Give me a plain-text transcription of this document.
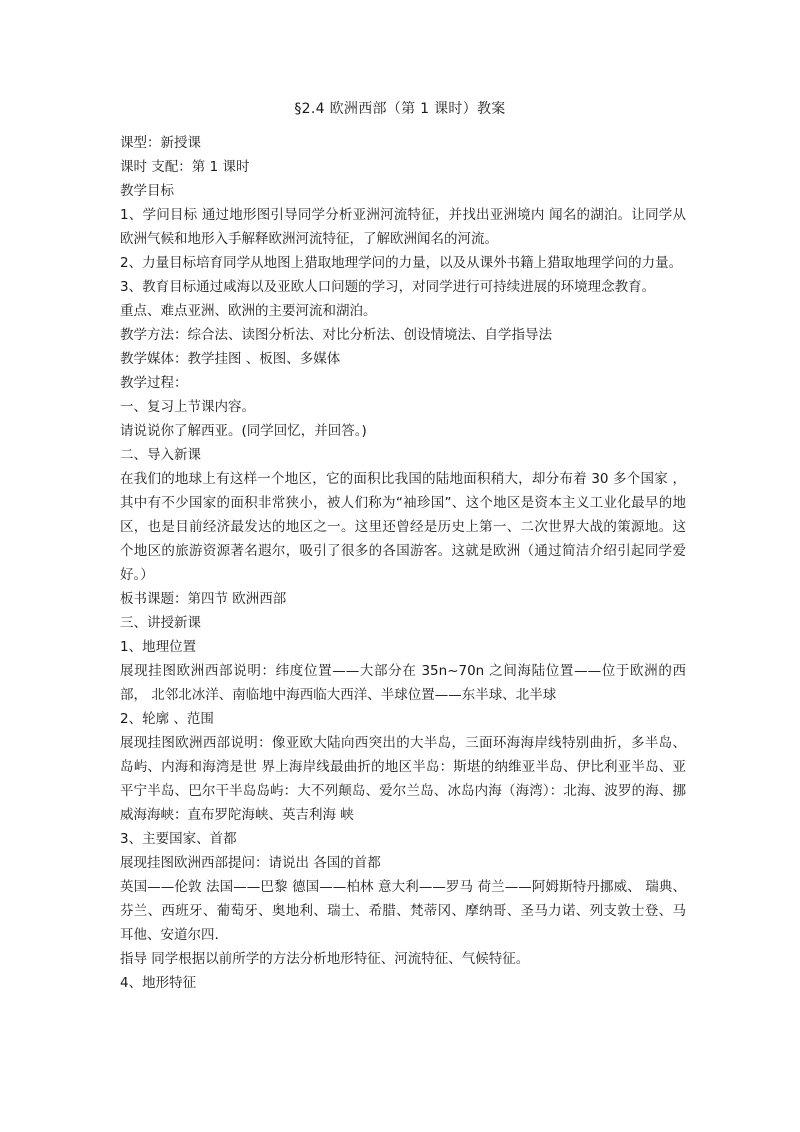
§2.4 欧洲西部（第 1 课时）教案

课型：新授课

课时 支配：第 1 课时

教学目标

1、学问目标 通过地形图引导同学分析亚洲河流特征，并找出亚洲境内 闻名的湖泊。让同学从欧洲气候和地形入手解释欧洲河流特征，了解欧洲闻名的河流。

2、力量目标培育同学从地图上猎取地理学问的力量，以及从课外书籍上猎取地理学问的力量。

3、教育目标通过咸海以及亚欧人口问题的学习，对同学进行可持续进展的环境理念教育。

重点、难点亚洲、欧洲的主要河流和湖泊。

教学方法：综合法、读图分析法、对比分析法、创设情境法、自学指导法

教学媒体：教学挂图 、板图、多媒体

教学过程：

一、复习上节课内容。

请说说你了解西亚。(同学回忆，并回答。)

二、导入新课

在我们的地球上有这样一个地区，它的面积比我国的陆地面积稍大，却分布着 30 多个国家 ，其中有不少国家的面积非常狭小，被人们称为“袖珍国”、这个地区是资本主义工业化最早的地区，也是目前经济最发达的地区之一。这里还曾经是历史上第一、二次世界大战的策源地。这个地区的旅游资源著名遐尔，吸引了很多的各国游客。这就是欧洲（通过简洁介绍引起同学爱好。）

板书课题：第四节 欧洲西部

三、讲授新课

1、地理位置

展现挂图欧洲西部说明：纬度位置——大部分在 35n~70n 之间海陆位置——位于欧洲的西部， 北邻北冰洋、南临地中海西临大西洋、半球位置——东半球、北半球

2、轮廓 、范围

展现挂图欧洲西部说明：像亚欧大陆向西突出的大半岛，三面环海海岸线特别曲折，多半岛、岛屿、内海和海湾是世 界上海岸线最曲折的地区半岛：斯堪的纳维亚半岛、伊比利亚半岛、亚平宁半岛、巴尔干半岛岛屿：大不列颠岛、爱尔兰岛、冰岛内海（海湾）：北海、波罗的海、挪威海海峡：直布罗陀海峡、英吉利海 峡

3、主要国家、首都

展现挂图欧洲西部提问：请说出 各国的首都

英国——伦敦 法国——巴黎 德国——柏林 意大利——罗马 荷兰——阿姆斯特丹挪威、 瑞典、芬兰、西班牙、葡萄牙、奥地利、瑞士、希腊、梵蒂冈、摩纳哥、圣马力诺、列支敦士登、马耳他、安道尔四.

指导 同学根据以前所学的方法分析地形特征、河流特征、气候特征。

4、地形特征
